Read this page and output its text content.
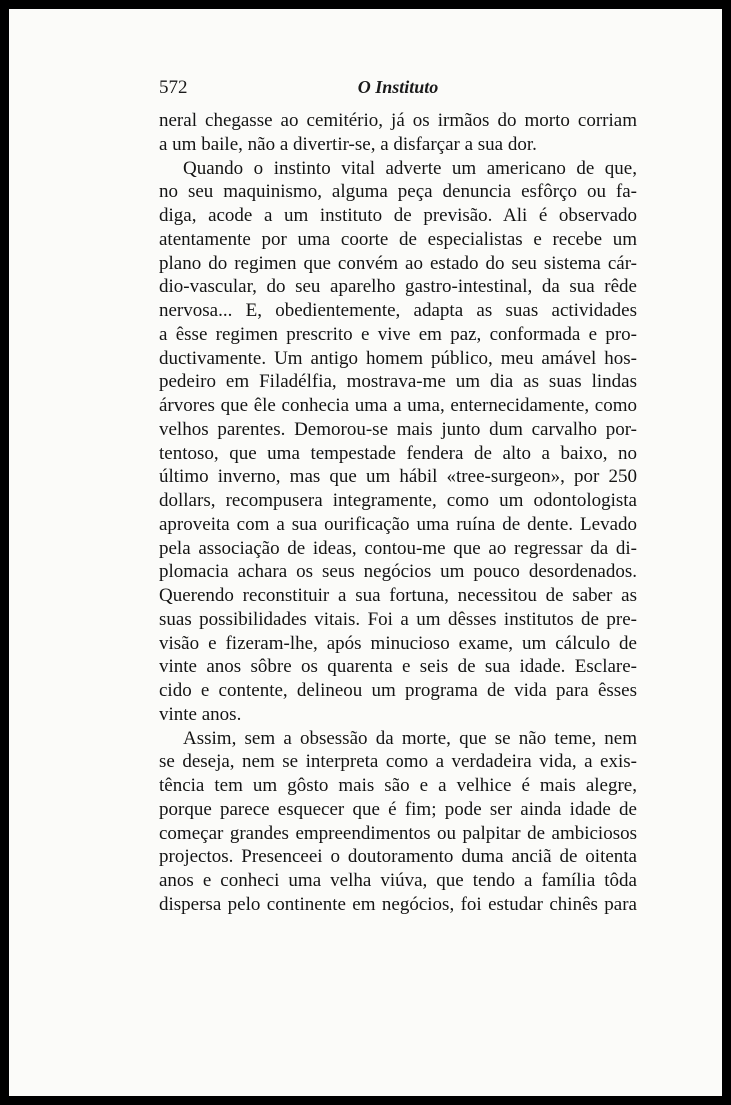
572	O Instituto
neral chegasse ao cemitério, já os irmãos do morto corriam
a um baile, não a divertir-se, a disfarçar a sua dor.
Quando o instinto vital adverte um americano de que,
no seu maquinismo, alguma peça denuncia esfôrço ou fa-
diga, acode a um instituto de previsão. Ali é observado
atentamente por uma coorte de especialistas e recebe um
plano do regimen que convém ao estado do seu sistema cár-
dio-vascular, do seu aparelho gastro-intestinal, da sua rêde
nervosa... E, obedientemente, adapta as suas actividades
a êsse regimen prescrito e vive em paz, conformada e pro-
ductivamente. Um antigo homem público, meu amável hos-
pedeiro em Filadélfia, mostrava-me um dia as suas lindas
árvores que êle conhecia uma a uma, enternecidamente, como
velhos parentes. Demorou-se mais junto dum carvalho por-
tentoso, que uma tempestade fendera de alto a baixo, no
último inverno, mas que um hábil «tree-surgeon», por 250
dollars, recompusera integramente, como um odontologista
aproveita com a sua ourificação uma ruína de dente. Levado
pela associação de ideas, contou-me que ao regressar da di-
plomacia achara os seus negócios um pouco desordenados.
Querendo reconstituir a sua fortuna, necessitou de saber as
suas possibilidades vitais. Foi a um dêsses institutos de pre-
visão e fizeram-lhe, após minucioso exame, um cálculo de
vinte anos sôbre os quarenta e seis de sua idade. Esclare-
cido e contente, delineou um programa de vida para êsses
vinte anos.
Assim, sem a obsessão da morte, que se não teme, nem
se deseja, nem se interpreta como a verdadeira vida, a exis-
tência tem um gôsto mais são e a velhice é mais alegre,
porque parece esquecer que é fim; pode ser ainda idade de
começar grandes empreendimentos ou palpitar de ambiciosos
projectos. Presenceei o doutoramento duma anciã de oitenta
anos e conheci uma velha viúva, que tendo a família tôda
dispersa pelo continente em negócios, foi estudar chinês para
